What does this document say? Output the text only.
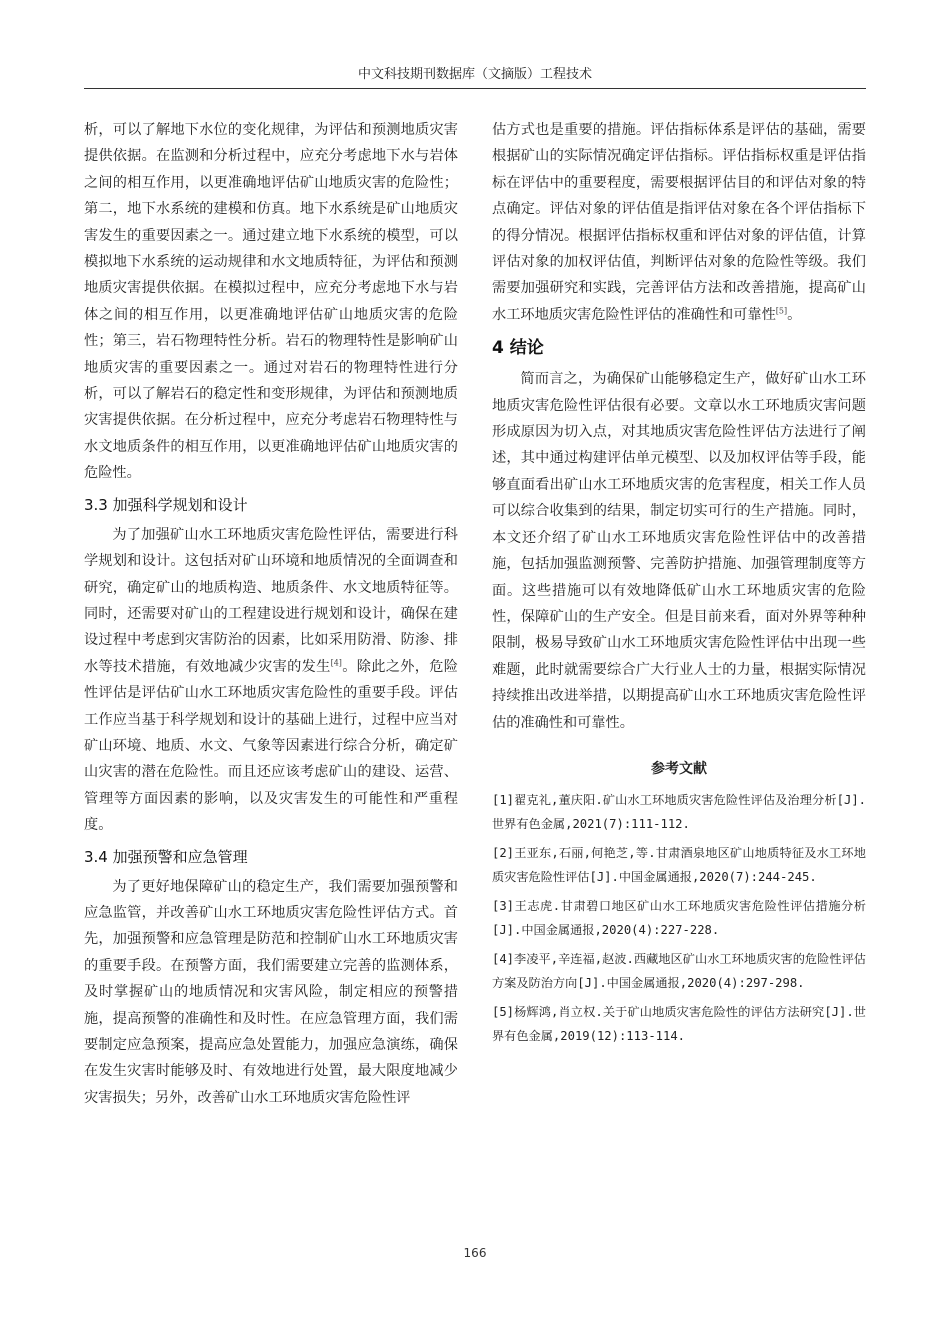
中文科技期刊数据库（文摘版）工程技术

析，可以了解地下水位的变化规律，为评估和预测地质灾害提供依据。在监测和分析过程中，应充分考虑地下水与岩体之间的相互作用，以更准确地评估矿山地质灾害的危险性；第二，地下水系统的建模和仿真。地下水系统是矿山地质灾害发生的重要因素之一。通过建立地下水系统的模型，可以模拟地下水系统的运动规律和水文地质特征，为评估和预测地质灾害提供依据。在模拟过程中，应充分考虑地下水与岩体之间的相互作用，以更准确地评估矿山地质灾害的危险性；第三，岩石物理特性分析。岩石的物理特性是影响矿山地质灾害的重要因素之一。通过对岩石的物理特性进行分析，可以了解岩石的稳定性和变形规律，为评估和预测地质灾害提供依据。在分析过程中，应充分考虑岩石物理特性与水文地质条件的相互作用，以更准确地评估矿山地质灾害的危险性。

3.3 加强科学规划和设计

为了加强矿山水工环地质灾害危险性评估，需要进行科学规划和设计。这包括对矿山环境和地质情况的全面调查和研究，确定矿山的地质构造、地质条件、水文地质特征等。同时，还需要对矿山的工程建设进行规划和设计，确保在建设过程中考虑到灾害防治的因素，比如采用防滑、防渗、排水等技术措施，有效地减少灾害的发生[4]。除此之外，危险性评估是评估矿山水工环地质灾害危险性的重要手段。评估工作应当基于科学规划和设计的基础上进行，过程中应当对矿山环境、地质、水文、气象等因素进行综合分析，确定矿山灾害的潜在危险性。而且还应该考虑矿山的建设、运营、管理等方面因素的影响，以及灾害发生的可能性和严重程度。

3.4 加强预警和应急管理

为了更好地保障矿山的稳定生产，我们需要加强预警和应急监管，并改善矿山水工环地质灾害危险性评估方式。首先，加强预警和应急管理是防范和控制矿山水工环地质灾害的重要手段。在预警方面，我们需要建立完善的监测体系，及时掌握矿山的地质情况和灾害风险，制定相应的预警措施，提高预警的准确性和及时性。在应急管理方面，我们需要制定应急预案，提高应急处置能力，加强应急演练，确保在发生灾害时能够及时、有效地进行处置，最大限度地减少灾害损失；另外，改善矿山水工环地质灾害危险性评

估方式也是重要的措施。评估指标体系是评估的基础，需要根据矿山的实际情况确定评估指标。评估指标权重是评估指标在评估中的重要程度，需要根据评估目的和评估对象的特点确定。评估对象的评估值是指评估对象在各个评估指标下的得分情况。根据评估指标权重和评估对象的评估值，计算评估对象的加权评估值，判断评估对象的危险性等级。我们需要加强研究和实践，完善评估方法和改善措施，提高矿山水工环地质灾害危险性评估的准确性和可靠性[5]。

4 结论

简而言之，为确保矿山能够稳定生产，做好矿山水工环地质灾害危险性评估很有必要。文章以水工环地质灾害问题形成原因为切入点，对其地质灾害危险性评估方法进行了阐述，其中通过构建评估单元模型、以及加权评估等手段，能够直面看出矿山水工环地质灾害的危害程度，相关工作人员可以综合收集到的结果，制定切实可行的生产措施。同时，本文还介绍了矿山水工环地质灾害危险性评估中的改善措施，包括加强监测预警、完善防护措施、加强管理制度等方面。这些措施可以有效地降低矿山水工环地质灾害的危险性，保障矿山的生产安全。但是目前来看，面对外界等种种限制，极易导致矿山水工环地质灾害危险性评估中出现一些难题，此时就需要综合广大行业人士的力量，根据实际情况持续推出改进举措，以期提高矿山水工环地质灾害危险性评估的准确性和可靠性。

参考文献
[1]翟克礼,董庆阳.矿山水工环地质灾害危险性评估及治理分析[J].世界有色金属,2021(7):111-112.
[2]王亚东,石丽,何艳芝,等.甘肃酒泉地区矿山地质特征及水工环地质灾害危险性评估[J].中国金属通报,2020(7):244-245.
[3]王志虎.甘肃碧口地区矿山水工环地质灾害危险性评估措施分析[J].中国金属通报,2020(4):227-228.
[4]李凌平,辛连福,赵波.西藏地区矿山水工环地质灾害的危险性评估方案及防治方向[J].中国金属通报,2020(4):297-298.
[5]杨辉鸿,肖立权.关于矿山地质灾害危险性的评估方法研究[J].世界有色金属,2019(12):113-114.
166
